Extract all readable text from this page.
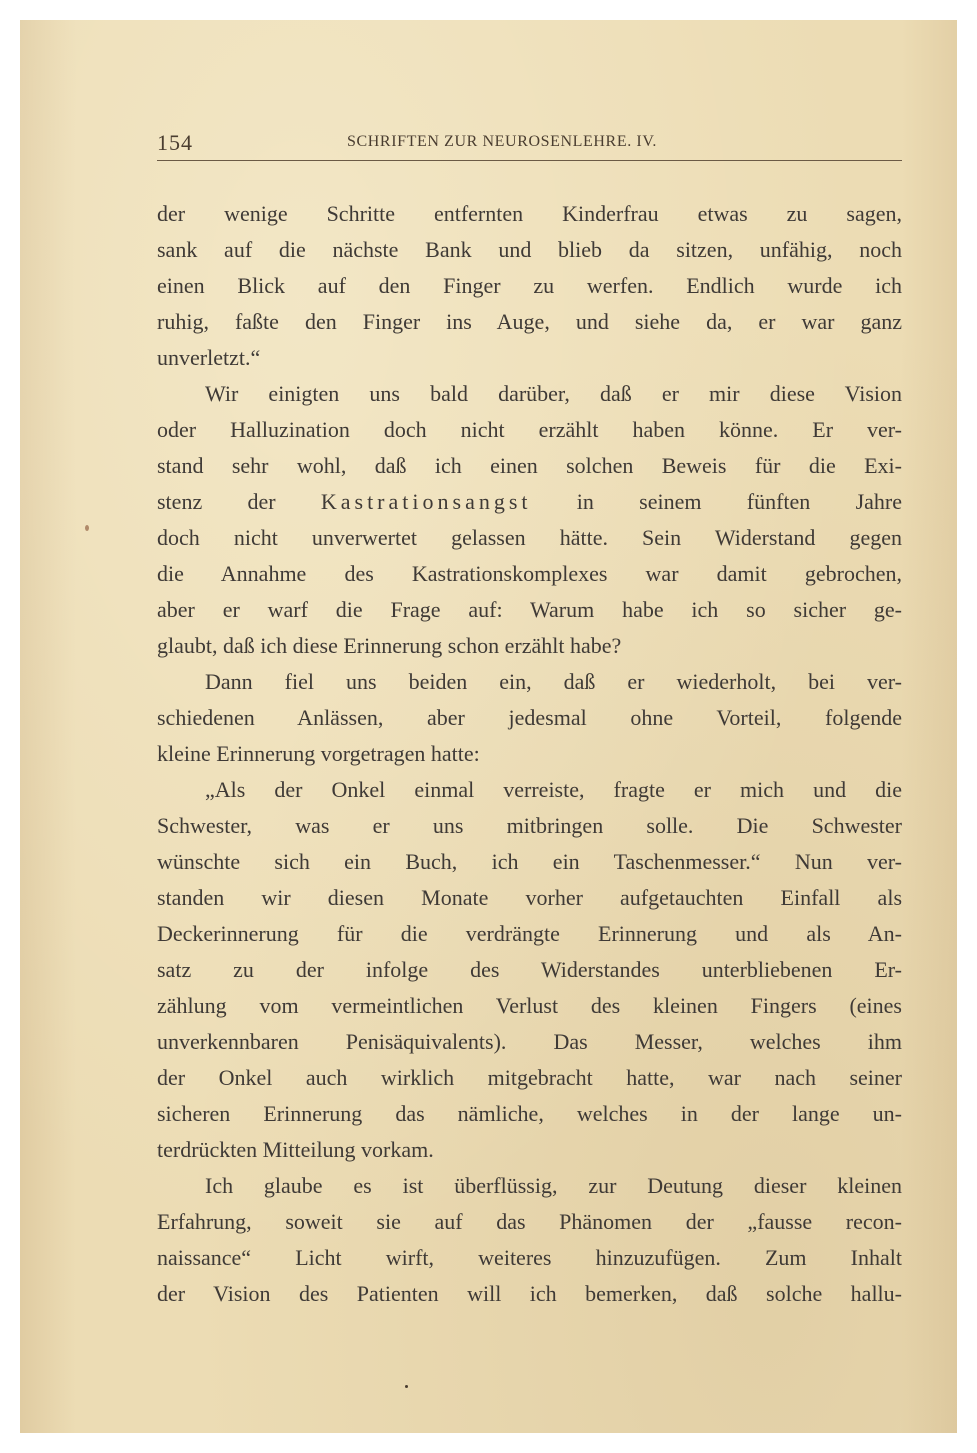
154	SCHRIFTEN ZUR NEUROSENLEHRE. IV.
der wenige Schritte entfernten Kinderfrau etwas zu sagen,
sank auf die nächste Bank und blieb da sitzen, unfähig, noch
einen Blick auf den Finger zu werfen. Endlich wurde ich
ruhig, faßte den Finger ins Auge, und siehe da, er war ganz
unverletzt.“
Wir einigten uns bald darüber, daß er mir diese Vision
oder Halluzination doch nicht erzählt haben könne. Er ver-
stand sehr wohl, daß ich einen solchen Beweis für die Exi-
stenz der Kastrationsangst in seinem fünften Jahre
doch nicht unverwertet gelassen hätte. Sein Widerstand gegen
die Annahme des Kastrationskomplexes war damit gebrochen,
aber er warf die Frage auf: Warum habe ich so sicher ge-
glaubt, daß ich diese Erinnerung schon erzählt habe?
Dann fiel uns beiden ein, daß er wiederholt, bei ver-
schiedenen Anlässen, aber jedesmal ohne Vorteil, folgende
kleine Erinnerung vorgetragen hatte:
„Als der Onkel einmal verreiste, fragte er mich und die
Schwester, was er uns mitbringen solle. Die Schwester
wünschte sich ein Buch, ich ein Taschenmesser.“ Nun ver-
standen wir diesen Monate vorher aufgetauchten Einfall als
Deckerinnerung für die verdrängte Erinnerung und als An-
satz zu der infolge des Widerstandes unterbliebenen Er-
zählung vom vermeintlichen Verlust des kleinen Fingers (eines
unverkennbaren Penisäquivalents). Das Messer, welches ihm
der Onkel auch wirklich mitgebracht hatte, war nach seiner
sicheren Erinnerung das nämliche, welches in der lange un-
terdrückten Mitteilung vorkam.
Ich glaube es ist überflüssig, zur Deutung dieser kleinen
Erfahrung, soweit sie auf das Phänomen der „fausse recon-
naissance“ Licht wirft, weiteres hinzuzufügen. Zum Inhalt
der Vision des Patienten will ich bemerken, daß solche hallu-
